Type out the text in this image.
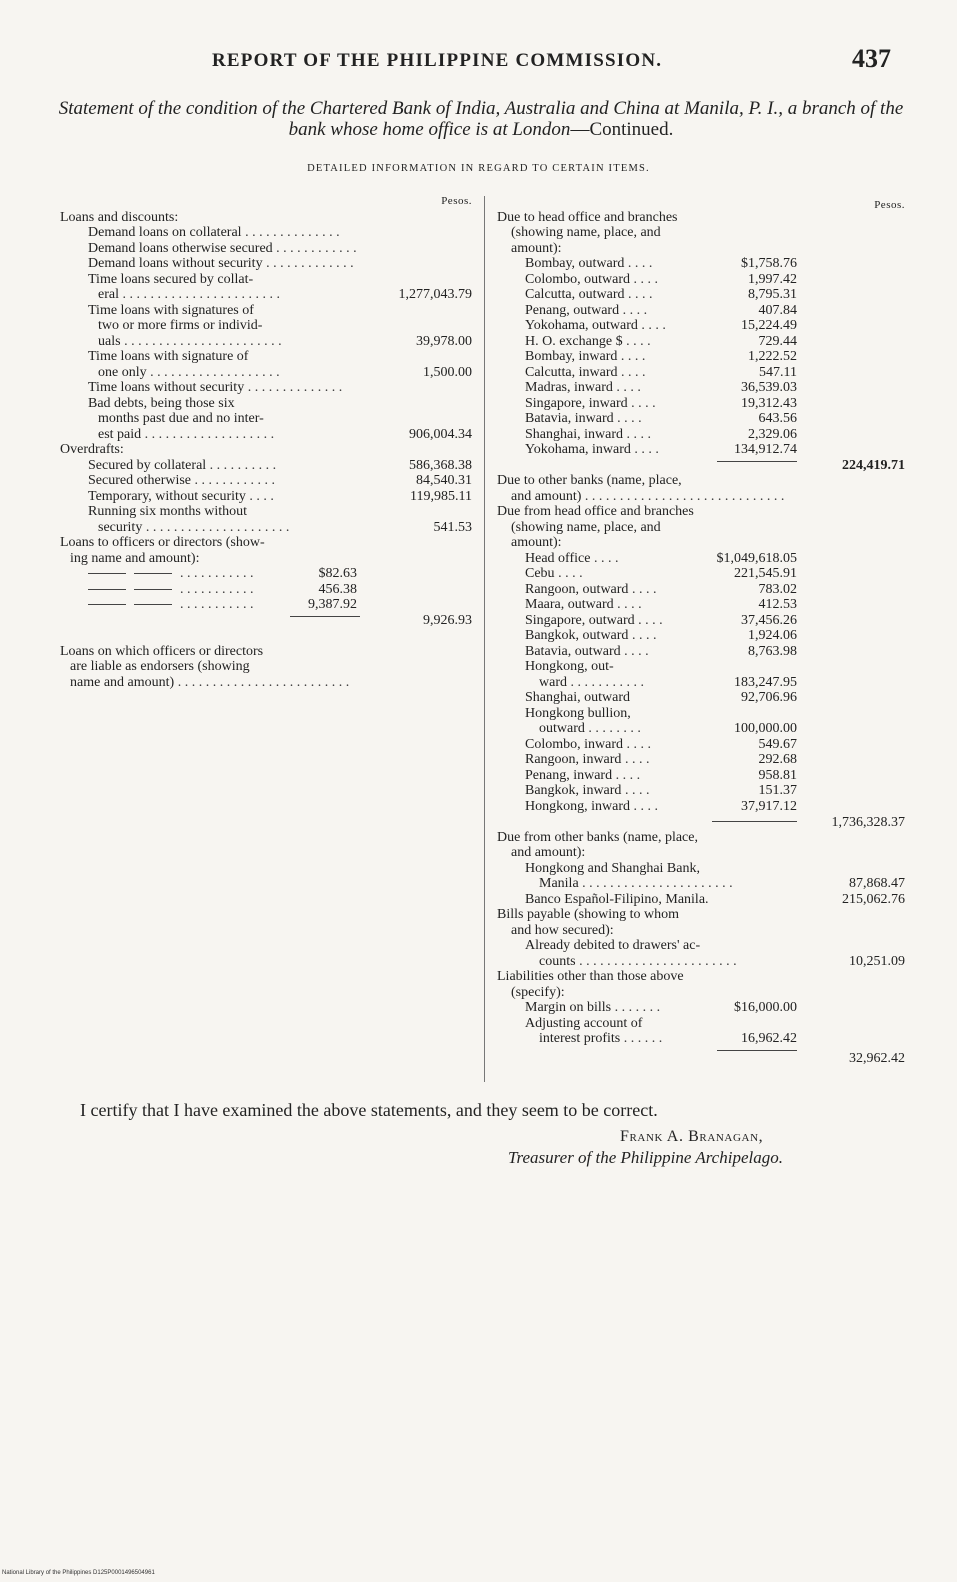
REPORT OF THE PHILIPPINE COMMISSION.	437
Statement of the condition of the Chartered Bank of India, Australia and China at Manila, P. I., a branch of the bank whose home office is at London—Continued.
DETAILED INFORMATION IN REGARD TO CERTAIN ITEMS.
Pesos.
Loans and discounts:
Demand loans on collateral . . . . . . . . . . . . . .
Demand loans otherwise secured . . . . . . . . . . . .
Demand loans without security . . . . . . . . . . . . .
Time loans secured by collat-
eral . . . . . . . . . . . . . . . . . . . . . . .	1,277,043.79
Time loans with signatures of
two or more firms or individ-
uals . . . . . . . . . . . . . . . . . . . . . . .	39,978.00
Time loans with signature of
one only . . . . . . . . . . . . . . . . . . .	1,500.00
Time loans without security . . . . . . . . . . . . . .
Bad debts, being those six
months past due and no inter-
est paid . . . . . . . . . . . . . . . . . . .	906,004.34
Overdrafts:
Secured by collateral . . . . . . . . . .	586,368.38
Secured otherwise . . . . . . . . . . . .	84,540.31
Temporary, without security . . . .	119,985.11
Running six months without
security . . . . . . . . . . . . . . . . . . . . .	541.53
Loans to officers or directors (show-
ing name and amount):
. . . . . . . . . . .	$82.63
. . . . . . . . . . .	456.38
. . . . . . . . . . .	9,387.92
9,926.93
Loans on which officers or directors
are liable as endorsers (showing
name and amount) . . . . . . . . . . . . . . . . . . . . . . . . .
Pesos.
Due to head office and branches
(showing name, place, and
amount):
Bombay, outward . . . .	$1,758.76
Colombo, outward . . . .	1,997.42
Calcutta, outward . . . .	8,795.31
Penang, outward . . . .	407.84
Yokohama, outward . . . .	15,224.49
H. O. exchange $ . . . .	729.44
Bombay, inward . . . .	1,222.52
Calcutta, inward . . . .	547.11
Madras, inward . . . .	36,539.03
Singapore, inward . . . .	19,312.43
Batavia, inward . . . .	643.56
Shanghai, inward . . . .	2,329.06
Yokohama, inward . . . .	134,912.74
224,419.71
Due to other banks (name, place,
and amount) . . . . . . . . . . . . . . . . . . . . . . . . . . . . .
Due from head office and branches
(showing name, place, and
amount):
Head office . . . .	$1,049,618.05
Cebu . . . .	221,545.91
Rangoon, outward . . . .	783.02
Maara, outward . . . .	412.53
Singapore, outward . . . .	37,456.26
Bangkok, outward . . . .	1,924.06
Batavia, outward . . . .	8,763.98
Hongkong, out-
ward . . . . . . . . . . .	183,247.95
Shanghai, outward	92,706.96
Hongkong bullion,
outward . . . . . . . .	100,000.00
Colombo, inward . . . .	549.67
Rangoon, inward . . . .	292.68
Penang, inward . . . .	958.81
Bangkok, inward . . . .	151.37
Hongkong, inward . . . .	37,917.12
1,736,328.37
Due from other banks (name, place,
and amount):
Hongkong and Shanghai Bank,
Manila . . . . . . . . . . . . . . . . . . . . . .	87,868.47
Banco Español-Filipino, Manila.	215,062.76
Bills payable (showing to whom
and how secured):
Already debited to drawers' ac-
counts . . . . . . . . . . . . . . . . . . . . . . .	10,251.09
Liabilities other than those above
(specify):
Margin on bills . . . . . . .	$16,000.00
Adjusting account of
interest profits . . . . . .	16,962.42
32,962.42
I certify that I have examined the above statements, and they seem to be correct.
Frank A. Branagan,
Treasurer of the Philippine Archipelago.
National Library of the Philippines D125P0001496504961
